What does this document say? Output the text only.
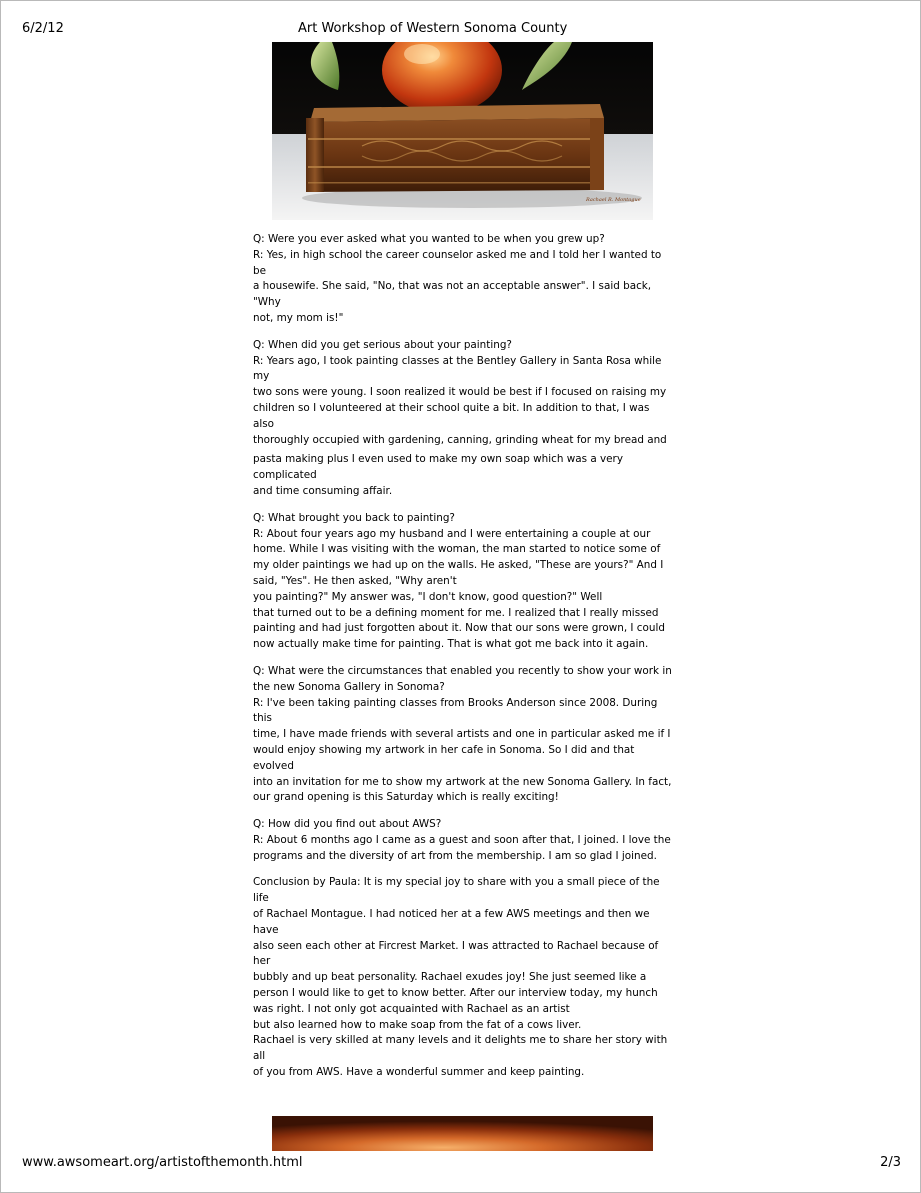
6/2/12	Art Workshop of Western Sonoma County
Rachael R. Montague

Q: Were you ever asked what you wanted to be when you grew up?
R: Yes, in high school the career counselor asked me and I told her I wanted to be
a housewife. She said, "No, that was not an acceptable answer". I said back, "Why
not, my mom is!"

Q: When did you get serious about your painting?
R: Years ago, I took painting classes at the Bentley Gallery in Santa Rosa while my
two sons were young. I soon realized it would be best if I focused on raising my
children so I volunteered at their school quite a bit. In addition to that, I was also
thoroughly occupied with gardening, canning, grinding wheat for my bread and
pasta making plus I even used to make my own soap which was a very complicated
and time consuming affair.

Q: What brought you back to painting?
R: About four years ago my husband and I were entertaining a couple at our
home. While I was visiting with the woman, the man started to notice some of
my older paintings we had up on the walls. He asked, "These are yours?" And I
said, "Yes". He then asked, "Why aren't
you painting?" My answer was, "I don't know, good question?" Well
that turned out to be a defining moment for me. I realized that I really missed
painting and had just forgotten about it. Now that our sons were grown, I could
now actually make time for painting. That is what got me back into it again.

Q: What were the circumstances that enabled you recently to show your work in
the new Sonoma Gallery in Sonoma?
R: I've been taking painting classes from Brooks Anderson since 2008. During this
time, I have made friends with several artists and one in particular asked me if I
would enjoy showing my artwork in her cafe in Sonoma. So I did and that evolved
into an invitation for me to show my artwork at the new Sonoma Gallery. In fact,
our grand opening is this Saturday which is really exciting!

Q: How did you find out about AWS?
R: About 6 months ago I came as a guest and soon after that, I joined. I love the
programs and the diversity of art from the membership. I am so glad I joined.

Conclusion by Paula: It is my special joy to share with you a small piece of the life
of Rachael Montague. I had noticed her at a few AWS meetings and then we have
also seen each other at Fircrest Market. I was attracted to Rachael because of her
bubbly and up beat personality. Rachael exudes joy! She just seemed like a
person I would like to get to know better. After our interview today, my hunch
was right. I not only got acquainted with Rachael as an artist
but also learned how to make soap from the fat of a cows liver.
Rachael is very skilled at many levels and it delights me to share her story with all
of you from AWS. Have a wonderful summer and keep painting.

www.awsomeart.org/artistofthemonth.html	2/3
